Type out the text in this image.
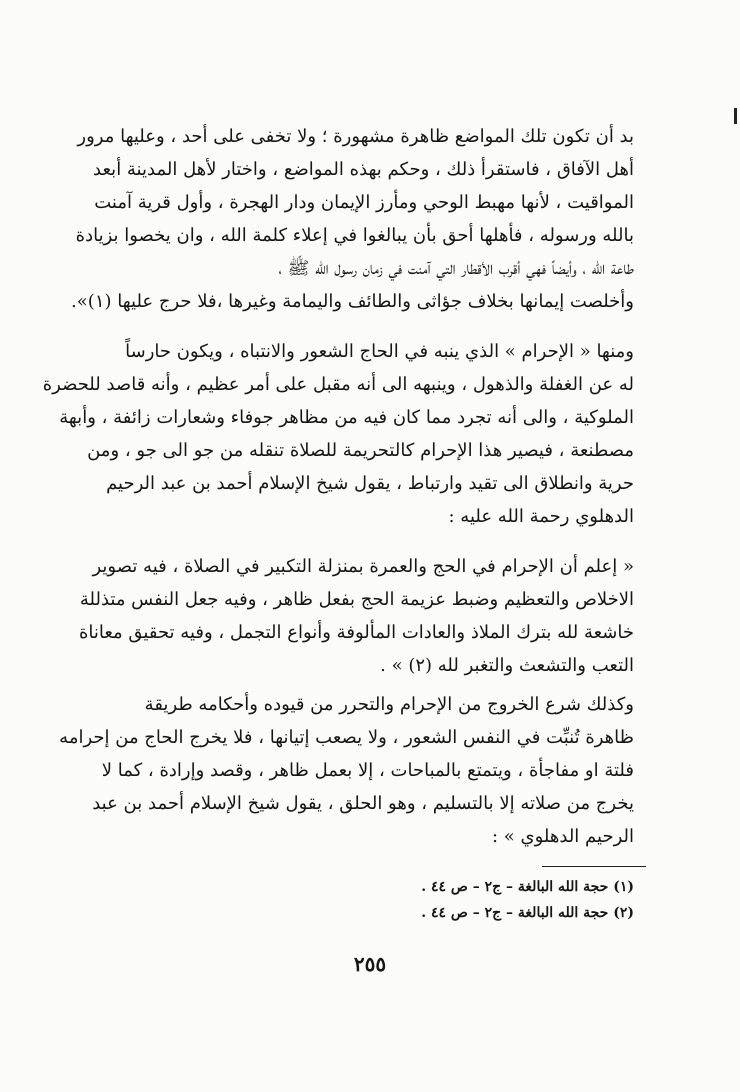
بد أن تكون تلك المواضع ظاهرة مشهورة ؛ ولا تخفى على أحد ، وعليها مرور
أهل الآفاق ، فاستقرأ ذلك ، وحكم بهذه المواضع ، واختار لأهل المدينة أبعد
المواقيت ، لأنها مهبط الوحي ومأرز الإيمان ودار الهجرة ، وأول قرية آمنت
بالله ورسوله ، فأهلها أحق بأن يبالغوا في إعلاء كلمة الله ، وان يخصوا بزيادة
طاعة الله ، وأيضاً فهي أقرب الأقطار التي آمنت في زمان رسول الله ﷺ ،
وأخلصت إيمانها بخلاف جؤاثى والطائف واليمامة وغيرها ،فلا حرج عليها (١)».

ومنها « الإحرام » الذي ينبه في الحاج الشعور والانتباه ، ويكون حارساً
له عن الغفلة والذهول ، وينبهه الى أنه مقبل على أمر عظيم ، وأنه قاصد للحضرة
الملوكية ، والى أنه تجرد مما كان فيه من مظاهر جوفاء وشعارات زائفة ، وأبهة
مصطنعة ، فيصير هذا الإحرام كالتحريمة للصلاة تنقله من جو الى جو ، ومن
حرية وانطلاق الى تقيد وارتباط ، يقول شيخ الإسلام أحمد بن عبد الرحيم
الدهلوي رحمة الله عليه :

« إعلم أن الإحرام في الحج والعمرة بمنزلة التكبير في الصلاة ، فيه تصوير
الاخلاص والتعظيم وضبط عزيمة الحج بفعل ظاهر ، وفيه جعل النفس متذللة
خاشعة لله بترك الملاذ والعادات المألوفة وأنواع التجمل ، وفيه تحقيق معاناة
التعب والتشعث والتغبر لله (٢) » .

وكذلك شرع الخروج من الإحرام والتحرر من قيوده وأحكامه طريقة
ظاهرة تُنبِّت في النفس الشعور ، ولا يصعب إتيانها ، فلا يخرج الحاج من إحرامه
فلتة او مفاجأة ، ويتمتع بالمباحات ، إلا بعمل ظاهر ، وقصد وإرادة ، كما لا
يخرج من صلاته إلا بالتسليم ، وهو الحلق ، يقول شيخ الإسلام أحمد بن عبد
الرحيم الدهلوي » :

(١) حجة الله البالغة – ج٢ – ص ٤٤ .
(٢) حجة الله البالغة – ج٢ – ص ٤٤ .
٢٥٥
